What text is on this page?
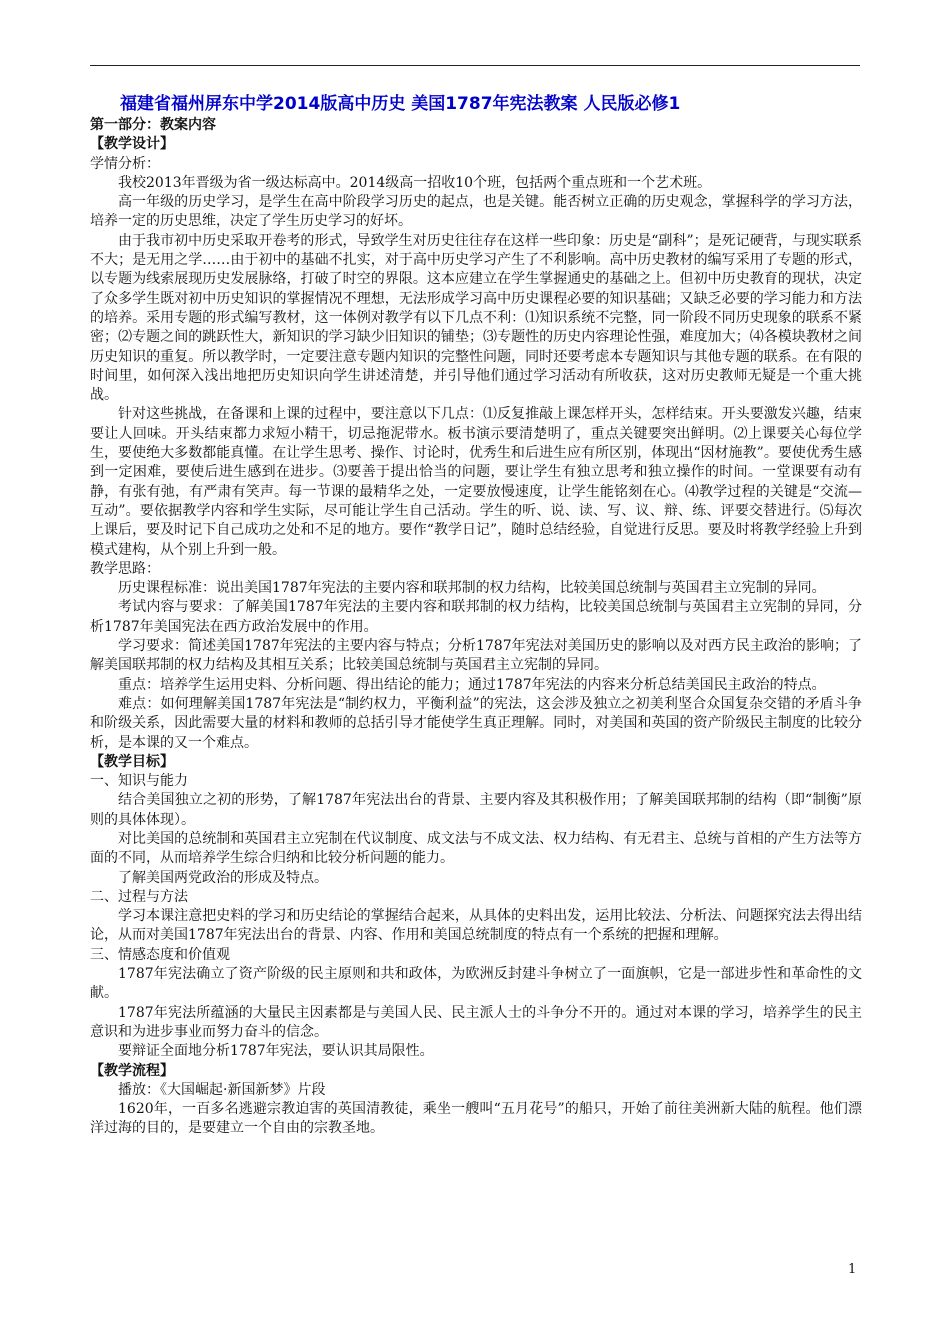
福建省福州屏东中学2014版高中历史 美国1787年宪法教案 人民版必修1
第一部分：教案内容
【教学设计】

学情分析：

我校2013年晋级为省一级达标高中。2014级高一招收10个班，包括两个重点班和一个艺术班。

高一年级的历史学习，是学生在高中阶段学习历史的起点，也是关键。能否树立正确的历史观念，掌握科学的学习方法，培养一定的历史思维，决定了学生历史学习的好坏。

由于我市初中历史采取开卷考的形式，导致学生对历史往往存在这样一些印象：历史是“副科”；是死记硬背，与现实联系不大；是无用之学……由于初中的基础不扎实，对于高中历史学习产生了不利影响。高中历史教材的编写采用了专题的形式，以专题为线索展现历史发展脉络，打破了时空的界限。这本应建立在学生掌握通史的基础之上。但初中历史教育的现状，决定了众多学生既对初中历史知识的掌握情况不理想，无法形成学习高中历史课程必要的知识基础；又缺乏必要的学习能力和方法的培养。采用专题的形式编写教材，这一体例对教学有以下几点不利：⑴知识系统不完整，同一阶段不同历史现象的联系不紧密；⑵专题之间的跳跃性大，新知识的学习缺少旧知识的铺垫；⑶专题性的历史内容理论性强，难度加大；⑷各模块教材之间历史知识的重复。所以教学时，一定要注意专题内知识的完整性问题，同时还要考虑本专题知识与其他专题的联系。在有限的时间里，如何深入浅出地把历史知识向学生讲述清楚，并引导他们通过学习活动有所收获，这对历史教师无疑是一个重大挑战。

针对这些挑战，在备课和上课的过程中，要注意以下几点：⑴反复推敲上课怎样开头，怎样结束。开头要激发兴趣，结束要让人回味。开头结束都力求短小精干，切忌拖泥带水。板书演示要清楚明了，重点关键要突出鲜明。⑵上课要关心每位学生，要使绝大多数都能真懂。在让学生思考、操作、讨论时，优秀生和后进生应有所区别，体现出“因材施教”。要使优秀生感到一定困难，要使后进生感到在进步。⑶要善于提出恰当的问题，要让学生有独立思考和独立操作的时间。一堂课要有动有静，有张有弛，有严肃有笑声。每一节课的最精华之处，一定要放慢速度，让学生能铭刻在心。⑷教学过程的关键是“交流—互动”。要依据教学内容和学生实际，尽可能让学生自己活动。学生的听、说、读、写、议、辩、练、评要交替进行。⑸每次上课后，要及时记下自己成功之处和不足的地方。要作“教学日记”，随时总结经验，自觉进行反思。要及时将教学经验上升到模式建构，从个别上升到一般。

教学思路：

历史课程标准：说出美国1787年宪法的主要内容和联邦制的权力结构，比较美国总统制与英国君主立宪制的异同。

考试内容与要求：了解美国1787年宪法的主要内容和联邦制的权力结构，比较美国总统制与英国君主立宪制的异同，分析1787年美国宪法在西方政治发展中的作用。

学习要求：简述美国1787年宪法的主要内容与特点；分析1787年宪法对美国历史的影响以及对西方民主政治的影响；了解美国联邦制的权力结构及其相互关系；比较美国总统制与英国君主立宪制的异同。

重点：培养学生运用史料、分析问题、得出结论的能力；通过1787年宪法的内容来分析总结美国民主政治的特点。

难点：如何理解美国1787年宪法是“制约权力，平衡利益”的宪法，这会涉及独立之初美利坚合众国复杂交错的矛盾斗争和阶级关系，因此需要大量的材料和教师的总括引导才能使学生真正理解。同时，对美国和英国的资产阶级民主制度的比较分析，是本课的又一个难点。

【教学目标】

一、知识与能力

结合美国独立之初的形势，了解1787年宪法出台的背景、主要内容及其积极作用；了解美国联邦制的结构（即“制衡”原则的具体体现）。

对比美国的总统制和英国君主立宪制在代议制度、成文法与不成文法、权力结构、有无君主、总统与首相的产生方法等方面的不同，从而培养学生综合归纳和比较分析问题的能力。

了解美国两党政治的形成及特点。

二、过程与方法

学习本课注意把史料的学习和历史结论的掌握结合起来，从具体的史料出发，运用比较法、分析法、问题探究法去得出结论，从而对美国1787年宪法出台的背景、内容、作用和美国总统制度的特点有一个系统的把握和理解。

三、情感态度和价值观

1787年宪法确立了资产阶级的民主原则和共和政体，为欧洲反封建斗争树立了一面旗帜，它是一部进步性和革命性的文献。

1787年宪法所蕴涵的大量民主因素都是与美国人民、民主派人士的斗争分不开的。通过对本课的学习，培养学生的民主意识和为进步事业而努力奋斗的信念。

要辩证全面地分析1787年宪法，要认识其局限性。

【教学流程】

播放：《大国崛起·新国新梦》片段

1620年，一百多名逃避宗教迫害的英国清教徒，乘坐一艘叫“五月花号”的船只，开始了前往美洲新大陆的航程。他们漂洋过海的目的，是要建立一个自由的宗教圣地。

1
